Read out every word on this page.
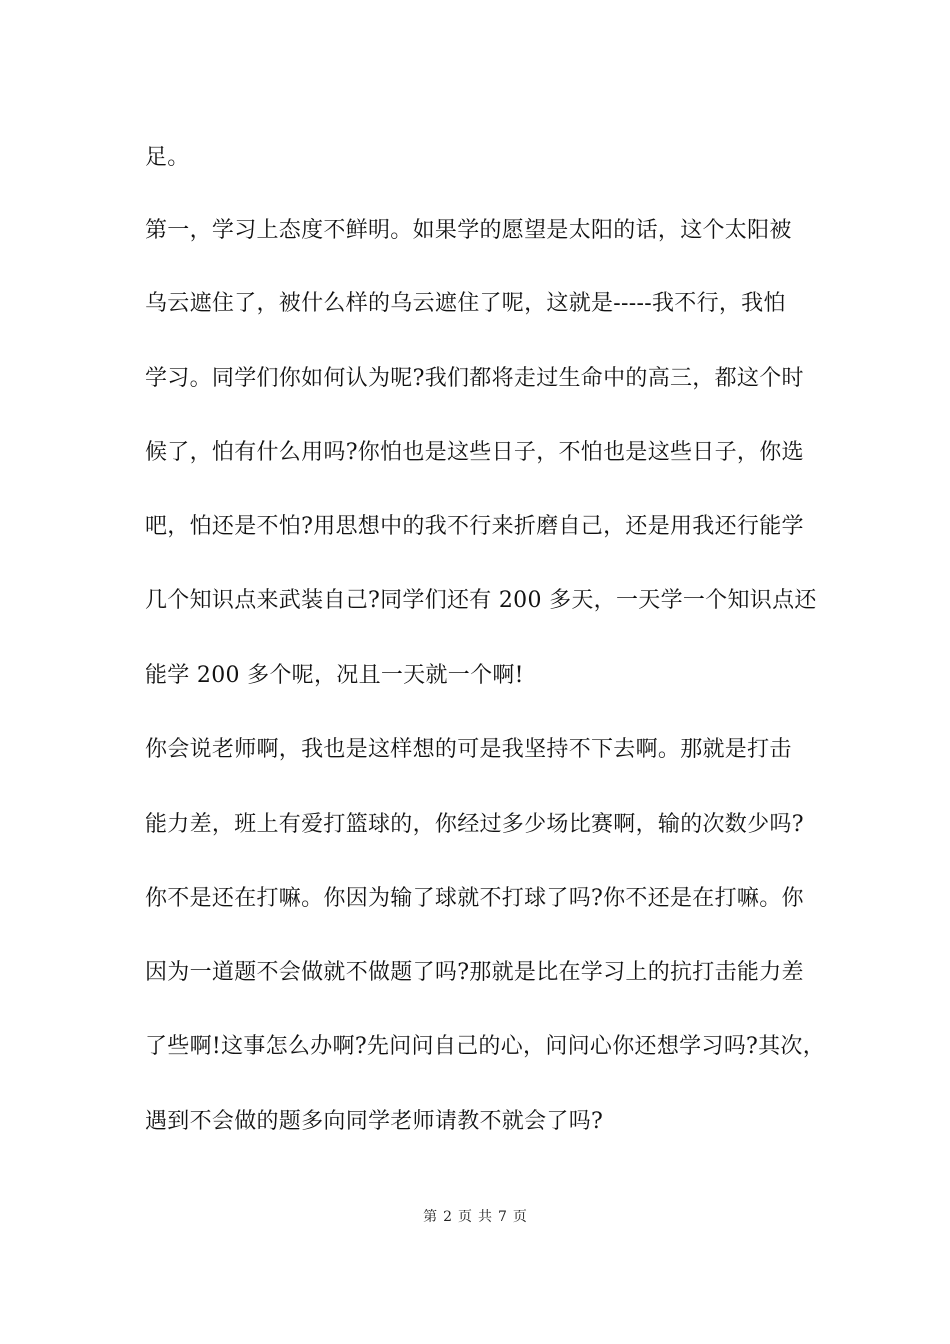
足。
第一，学习上态度不鲜明。如果学的愿望是太阳的话，这个太阳被
乌云遮住了，被什么样的乌云遮住了呢，这就是-----我不行，我怕
学习。同学们你如何认为呢?我们都将走过生命中的高三，都这个时
候了，怕有什么用吗?你怕也是这些日子，不怕也是这些日子，你选
吧，怕还是不怕?用思想中的我不行来折磨自己，还是用我还行能学
几个知识点来武装自己?同学们还有 200 多天，一天学一个知识点还
能学 200 多个呢，况且一天就一个啊!
你会说老师啊，我也是这样想的可是我坚持不下去啊。那就是打击
能力差，班上有爱打篮球的，你经过多少场比赛啊，输的次数少吗?
你不是还在打嘛。你因为输了球就不打球了吗?你不还是在打嘛。你
因为一道题不会做就不做题了吗?那就是比在学习上的抗打击能力差
了些啊!这事怎么办啊?先问问自己的心，问问心你还想学习吗?其次，
遇到不会做的题多向同学老师请教不就会了吗?
第 2 页 共 7 页
